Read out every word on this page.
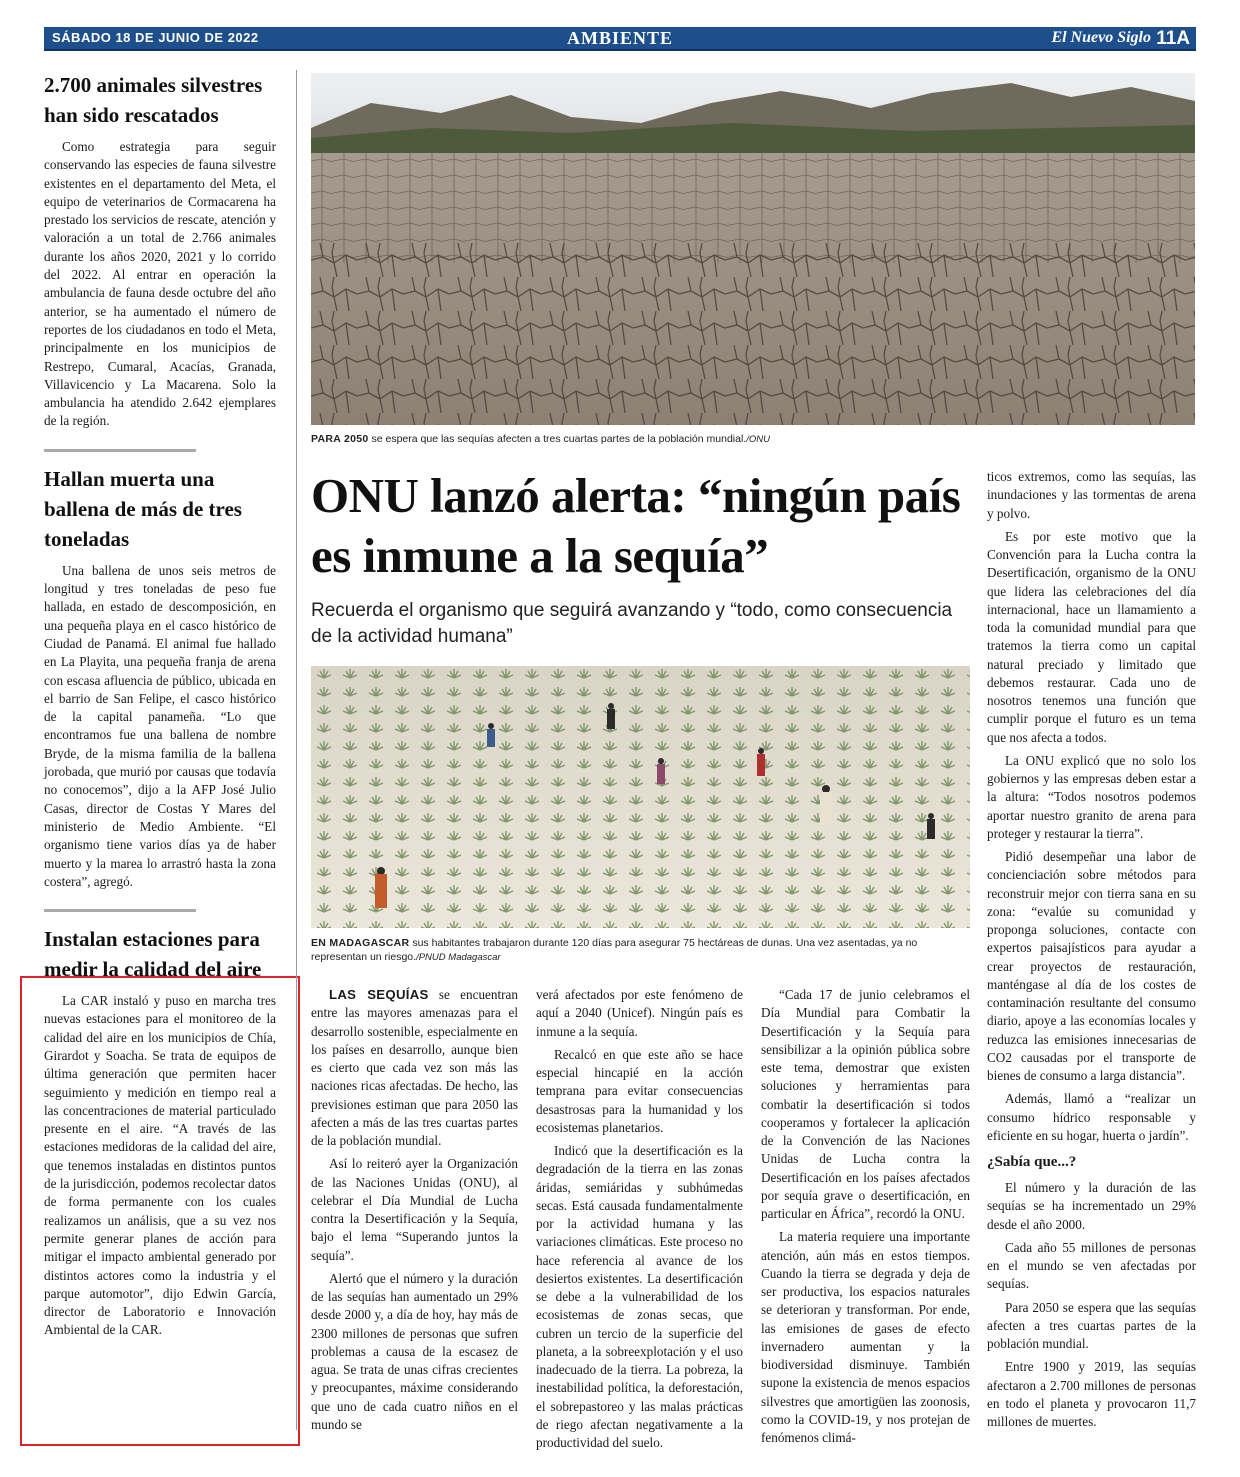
SÁBADO 18 DE JUNIO DE 2022	AMBIENTE	El Nuevo Siglo 11A
2.700 animales silvestres han sido rescatados

Como estrategia para seguir conservando las especies de fauna silvestre existentes en el departamento del Meta, el equipo de veterinarios de Cormacarena ha prestado los servicios de rescate, atención y valoración a un total de 2.766 animales durante los años 2020, 2021 y lo corrido del 2022. Al entrar en operación la ambulancia de fauna desde octubre del año anterior, se ha aumentado el número de reportes de los ciudadanos en todo el Meta, principalmente en los municipios de Restrepo, Cumaral, Acacías, Granada, Villavicencio y La Macarena. Solo la ambulancia ha atendido 2.642 ejemplares de la región.

Hallan muerta una ballena de más de tres toneladas

Una ballena de unos seis metros de longitud y tres toneladas de peso fue hallada, en estado de descomposición, en una pequeña playa en el casco histórico de Ciudad de Panamá. El animal fue hallado en La Playita, una pequeña franja de arena con escasa afluencia de público, ubicada en el barrio de San Felipe, el casco histórico de la capital panameña. “Lo que encontramos fue una ballena de nombre Bryde, de la misma familia de la ballena jorobada, que murió por causas que todavía no conocemos”, dijo a la AFP José Julio Casas, director de Costas Y Mares del ministerio de Medio Ambiente. “El organismo tiene varios días ya de haber muerto y la marea lo arrastró hasta la zona costera”, agregó.

Instalan estaciones para medir la calidad del aire

La CAR instaló y puso en marcha tres nuevas estaciones para el monitoreo de la calidad del aire en los municipios de Chía, Girardot y Soacha. Se trata de equipos de última generación que permiten hacer seguimiento y medición en tiempo real a las concentraciones de material particulado presente en el aire. “A través de las estaciones medidoras de la calidad del aire, que tenemos instaladas en distintos puntos de la jurisdicción, podemos recolectar datos de forma permanente con los cuales realizamos un análisis, que a su vez nos permite generar planes de acción para mitigar el impacto ambiental generado por distintos actores como la industria y el parque automotor”, dijo Edwin García, director de Laboratorio e Innovación Ambiental de la CAR.

PARA 2050 se espera que las sequías afecten a tres cuartas partes de la población mundial./ONU
ONU lanzó alerta: “ningún país es inmune a la sequía”
Recuerda el organismo que seguirá avanzando y “todo, como consecuencia de la actividad humana”
EN MADAGASCAR sus habitantes trabajaron durante 120 días para asegurar 75 hectáreas de dunas. Una vez asentadas, ya no representan un riesgo./PNUD Madagascar

LAS SEQUÍAS se encuentran entre las mayores amenazas para el desarrollo sostenible, especialmente en los países en desarrollo, aunque bien es cierto que cada vez son más las naciones ricas afectadas. De hecho, las previsiones estiman que para 2050 las afecten a más de las tres cuartas partes de la población mundial.

Así lo reiteró ayer la Organización de las Naciones Unidas (ONU), al celebrar el Día Mundial de Lucha contra la Desertificación y la Sequía, bajo el lema “Superando juntos la sequía”.

Alertó que el número y la duración de las sequías han aumentado un 29% desde 2000 y, a día de hoy, hay más de 2300 millones de personas que sufren problemas a causa de la escasez de agua. Se trata de unas cifras crecientes y preocupantes, máxime considerando que uno de cada cuatro niños en el mundo se

verá afectados por este fenómeno de aquí a 2040 (Unicef). Ningún país es inmune a la sequía.

Recalcó en que este año se hace especial hincapié en la acción temprana para evitar consecuencias desastrosas para la humanidad y los ecosistemas planetarios.

Indicó que la desertificación es la degradación de la tierra en las zonas áridas, semiáridas y subhúmedas secas. Está causada fundamentalmente por la actividad humana y las variaciones climáticas. Este proceso no hace referencia al avance de los desiertos existentes. La desertificación se debe a la vulnerabilidad de los ecosistemas de zonas secas, que cubren un tercio de la superficie del planeta, a la sobreexplotación y el uso inadecuado de la tierra. La pobreza, la inestabilidad política, la deforestación, el sobrepastoreo y las malas prácticas de riego afectan negativamente a la productividad del suelo.

“Cada 17 de junio celebramos el Día Mundial para Combatir la Desertificación y la Sequía para sensibilizar a la opinión pública sobre este tema, demostrar que existen soluciones y herramientas para combatir la desertificación si todos cooperamos y fortalecer la aplicación de la Convención de las Naciones Unidas de Lucha contra la Desertificación en los países afectados por sequía grave o desertificación, en particular en África”, recordó la ONU.

La materia requiere una importante atención, aún más en estos tiempos. Cuando la tierra se degrada y deja de ser productiva, los espacios naturales se deterioran y transforman. Por ende, las emisiones de gases de efecto invernadero aumentan y la biodiversidad disminuye. También supone la existencia de menos espacios silvestres que amortigüen las zoonosis, como la COVID-19, y nos protejan de fenómenos climá-

ticos extremos, como las sequías, las inundaciones y las tormentas de arena y polvo.

Es por este motivo que la Convención para la Lucha contra la Desertificación, organismo de la ONU que lidera las celebraciones del día internacional, hace un llamamiento a toda la comunidad mundial para que tratemos la tierra como un capital natural preciado y limitado que debemos restaurar. Cada uno de nosotros tenemos una función que cumplir porque el futuro es un tema que nos afecta a todos.

La ONU explicó que no solo los gobiernos y las empresas deben estar a la altura: “Todos nosotros podemos aportar nuestro granito de arena para proteger y restaurar la tierra”.

Pidió desempeñar una labor de concienciación sobre métodos para reconstruir mejor con tierra sana en su zona: “evalúe su comunidad y proponga soluciones, contacte con expertos paisajísticos para ayudar a crear proyectos de restauración, manténgase al día de los costes de contaminación resultante del consumo diario, apoye a las economías locales y reduzca las emisiones innecesarias de CO2 causadas por el transporte de bienes de consumo a larga distancia”.

Además, llamó a “realizar un consumo hídrico responsable y eficiente en su hogar, huerta o jardín”.

¿Sabía que...?

El número y la duración de las sequías se ha incrementado un 29% desde el año 2000.

Cada año 55 millones de personas en el mundo se ven afectadas por sequías.

Para 2050 se espera que las sequías afecten a tres cuartas partes de la población mundial.

Entre 1900 y 2019, las sequías afectaron a 2.700 millones de personas en todo el planeta y provocaron 11,7 millones de muertes.
